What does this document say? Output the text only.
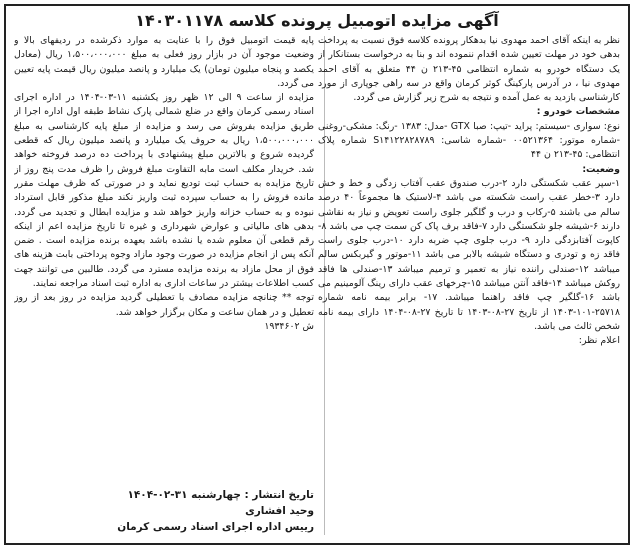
آگهی مزایده اتومبیل پرونده کلاسه ۱۴۰۳۰۱۱۷۸

نظر به اینکه آقای احمد مهدوی نیا بدهکار پرونده کلاسه فوق نسبت به پرداخت بدهی خود در مهلت تعیین شده اقدام ننموده اند و بنا به درخواست بستانکار از یک دستگاه خودرو به شماره انتظامی ۴۵-۲۱۳ ن ۴۴ متعلق به آقای احمد مهدوی نیا ، در آدرس پارکینگ کوثر کرمان واقع در سه راهی جوپاری از مورد کارشناسی بازدید به عمل آمده و نتیجه به شرح زیر گزارش می گردد.

مشخصات خودرو :

نوع: سواری -سیستم: پراید -تیپ: صبا GTX -مدل: ۱۳۸۳ -رنگ: مشکی-روغنی -شماره موتور: ۰۰۵۲۱۳۶۴ -شماره شاسی: S۱۴۱۲۲۸۲۸۷۸۹ شماره پلاک انتظامی: ۴۵-۲۱۳ ن ۴۴

وضعیت:

۱-سپر عقب شکستگی دارد ۲-درب صندوق عقب آفتاب زدگی و خط و خش دارد ۳-خطر عقب راست شکسته می باشد ۴-لاستیک ها مجموعاً ۴۰ درصد سالم می باشند ۵-رکاب و درب و گلگیر جلوی راست تعویض و نیاز به نقاشی دارند ۶-شیشه جلو شکستگی دارد ۷-فاقد برف پاک کن سمت چپ می باشد ۸-کاپوت آفتابزدگی دارد ۹- درب جلوی چپ ضربه دارد ۱۰-درب جلوی راست فاقد زه و تودری و دستگاه شیشه بالابر می باشد ۱۱-موتور و گیربکس سالم میباشد ۱۲-صندلی راننده نیاز به تعمیر و ترمیم میباشد ۱۳-صندلی ها فاقد روکش میباشد ۱۴-فاقد آنتن میباشد ۱۵-چرخهای عقب دارای رینگ آلومینیم می باشد ۱۶-گلگیر چپ فاقد راهنما میباشد. ۱۷- برابر بیمه نامه شماره ۲۵۷۱۸-۱۰۱-۱۴۰۳ از تاریخ ۲۷-۰۸-۱۴۰۳ تا تاریخ ۲۷-۰۸-۱۴۰۴ دارای بیمه نامه شخص ثالث می باشد.

اعلام نظر:

پایه قیمت اتومبیل فوق را با عنایت به موارد ذکرشده در ردیفهای بالا و وضعیت موجود آن در بازار روز فعلی به مبلغ ۱،۵۰۰،۰۰۰،۰۰۰ ریال (معادل یکصد و پنجاه میلیون تومان) یک میلیارد و پانصد میلیون ریال قیمت پایه تعیین می گردد.

مزایده از ساعت ۹ الی ۱۲ ظهر روز یکشنبه ۱۱-۰۳-۱۴۰۴ در اداره اجرای اسناد رسمی کرمان واقع در ضلع شمالی پارک نشاط طبقه اول اداره اجرا از طریق مزایده بفروش می رسد و مزایده از مبلغ پایه کارشناسی به مبلغ ۱،۵۰۰،۰۰۰،۰۰۰ ریال به حروف یک میلیارد و پانصد میلیون ریال که قطعی گردیده شروع و بالاترین مبلغ پیشنهادی با پرداخت ده درصد فروخته خواهد شد. خریدار مکلف است مابه التفاوت مبلغ فروش را ظرف مدت پنج روز از تاریخ مزایده به حساب ثبت تودیع نماید و در صورتی که ظرف مهلت مقرر مانده فروش را به حساب سپرده ثبت واریز نکند مبلغ مذکور قابل استرداد نبوده و به حساب خزانه واریز خواهد شد و مزایده ابطال و تجدید می گردد. بدهی های مالیاتی و عوارض شهرداری و غیره تا تاریخ مزایده اعم از اینکه رقم قطعی آن معلوم شده یا نشده باشد بعهده برنده مزایده است . ضمن آنکه پس از انجام مزایده در صورت وجود مازاد وجوه پرداختی بابت هزینه های فوق از محل مازاد به برنده مزایده مسترد می گردد. طالبین می توانند جهت کسب اطلاعات بیشتر در ساعات اداری به اداره ثبت اسناد مراجعه نمایند.

توجه ** چنانچه مزایده مصادف با تعطیلی گردید مزایده در روز بعد از روز تعطیل و در همان ساعت و مکان برگزار خواهد شد.

ش ۱۹۳۴۶۰۲

تاریخ انتشار : چهارشنبه ۳۱-۰۲-۱۴۰۴
وحید افشاری
رییس اداره اجرای اسناد رسمی کرمان
